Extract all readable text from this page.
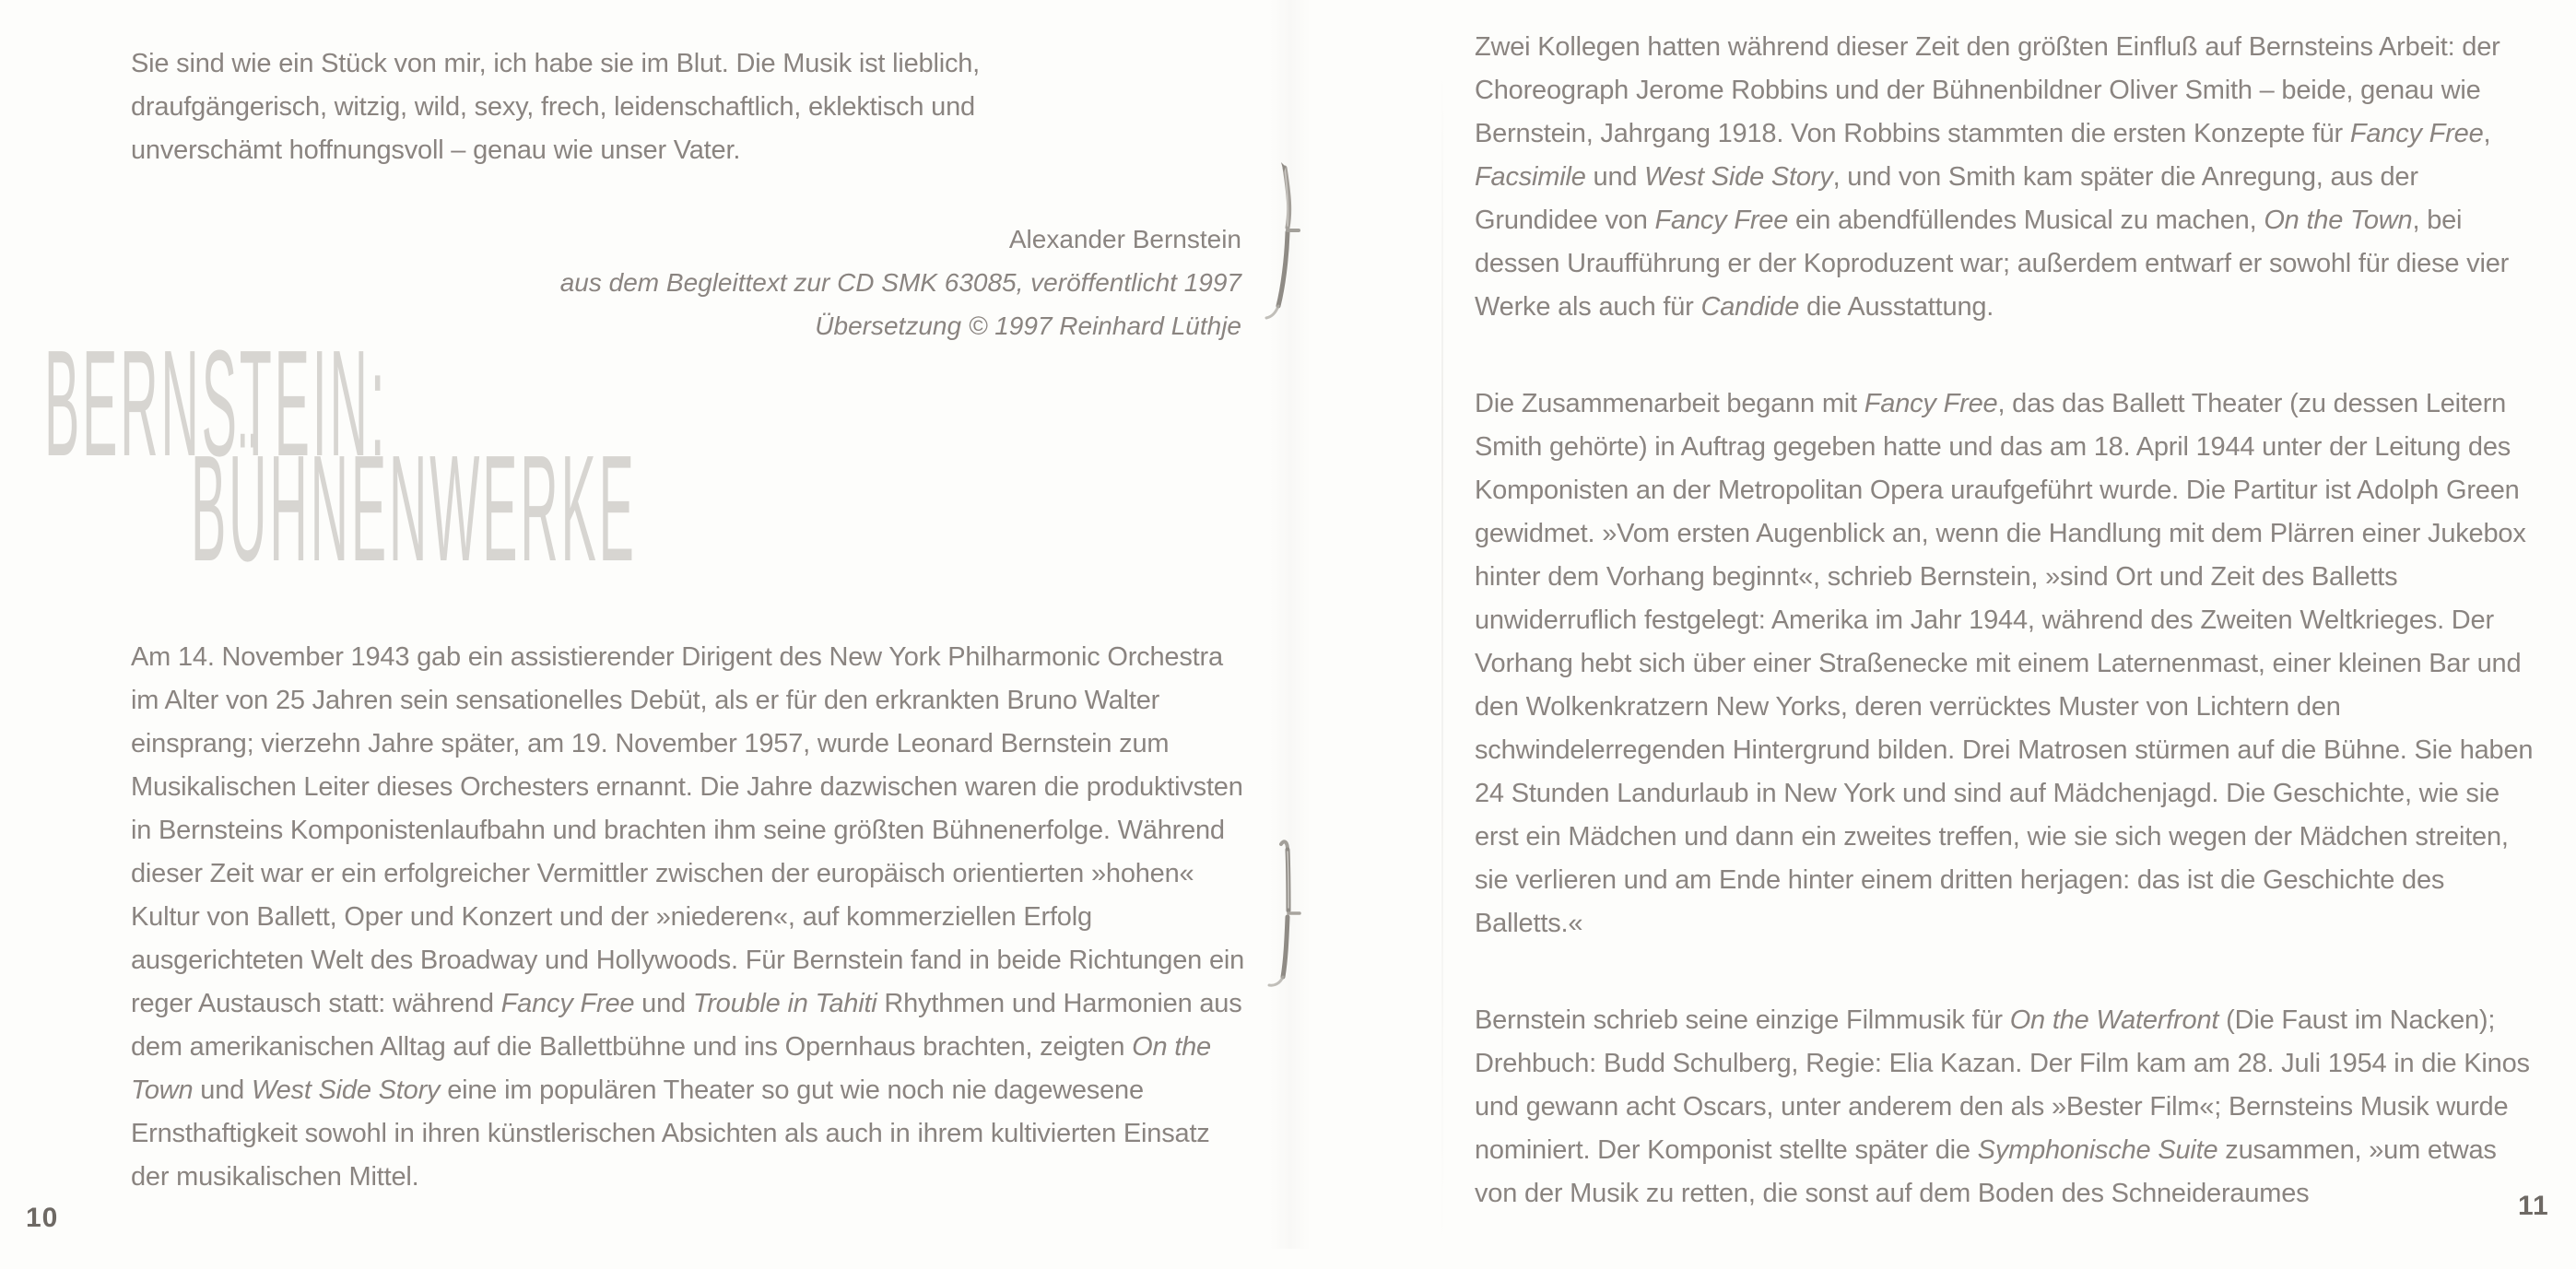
Sie sind wie ein Stück von mir, ich habe sie im Blut. Die Musik ist lieblich, draufgängerisch, witzig, wild, sexy, frech, leidenschaftlich, eklektisch und unverschämt hoffnungsvoll – genau wie unser Vater.
Alexander Bernstein
aus dem Begleittext zur CD SMK 63085, veröffentlicht 1997
Übersetzung © 1997 Reinhard Lüthje
BERNSTEIN:
BÜHNENWERKE
Am 14. November 1943 gab ein assistierender Dirigent des New York Philharmonic Orchestra im Alter von 25 Jahren sein sensationelles Debüt, als er für den erkrankten Bruno Walter einsprang; vierzehn Jahre später, am 19. November 1957, wurde Leonard Bernstein zum Musikalischen Leiter dieses Orchesters ernannt. Die Jahre dazwischen waren die produktivsten in Bernsteins Komponistenlaufbahn und brachten ihm seine größten Bühnenerfolge. Während dieser Zeit war er ein erfolgreicher Vermittler zwischen der europäisch orientierten »hohen« Kultur von Ballett, Oper und Konzert und der »niederen«, auf kommerziellen Erfolg ausgerichteten Welt des Broadway und Hollywoods. Für Bernstein fand in beide Richtungen ein reger Austausch statt: während Fancy Free und Trouble in Tahiti Rhythmen und Harmonien aus dem amerikanischen Alltag auf die Ballettbühne und ins Opernhaus brachten, zeigten On the Town und West Side Story eine im populären Theater so gut wie noch nie dagewesene Ernsthaftigkeit sowohl in ihren künstlerischen Absichten als auch in ihrem kultivierten Einsatz der musikalischen Mittel.
10

Zwei Kollegen hatten während dieser Zeit den größten Einfluß auf Bernsteins Arbeit: der Choreograph Jerome Robbins und der Bühnenbildner Oliver Smith – beide, genau wie Bernstein, Jahrgang 1918. Von Robbins stammten die ersten Konzepte für Fancy Free, Facsimile und West Side Story, und von Smith kam später die Anregung, aus der Grundidee von Fancy Free ein abendfüllendes Musical zu machen, On the Town, bei dessen Uraufführung er der Koproduzent war; außerdem entwarf er sowohl für diese vier Werke als auch für Candide die Ausstattung.

Die Zusammenarbeit begann mit Fancy Free, das das Ballett Theater (zu dessen Leitern Smith gehörte) in Auftrag gegeben hatte und das am 18. April 1944 unter der Leitung des Komponisten an der Metropolitan Opera uraufgeführt wurde. Die Partitur ist Adolph Green gewidmet. »Vom ersten Augenblick an, wenn die Handlung mit dem Plärren einer Jukebox hinter dem Vorhang beginnt«, schrieb Bernstein, »sind Ort und Zeit des Balletts unwiderruflich festgelegt: Amerika im Jahr 1944, während des Zweiten Weltkrieges. Der Vorhang hebt sich über einer Straßenecke mit einem Laternenmast, einer kleinen Bar und den Wolkenkratzern New Yorks, deren verrücktes Muster von Lichtern den schwindelerregenden Hintergrund bilden. Drei Matrosen stürmen auf die Bühne. Sie haben 24 Stunden Landurlaub in New York und sind auf Mädchenjagd. Die Geschichte, wie sie erst ein Mädchen und dann ein zweites treffen, wie sie sich wegen der Mädchen streiten, sie verlieren und am Ende hinter einem dritten herjagen: das ist die Geschichte des Balletts.«

Bernstein schrieb seine einzige Filmmusik für On the Waterfront (Die Faust im Nacken); Drehbuch: Budd Schulberg, Regie: Elia Kazan. Der Film kam am 28. Juli 1954 in die Kinos und gewann acht Oscars, unter anderem den als »Bester Film«; Bernsteins Musik wurde nominiert. Der Komponist stellte später die Symphonische Suite zusammen, »um etwas von der Musik zu retten, die sonst auf dem Boden des Schneideraumes	11
